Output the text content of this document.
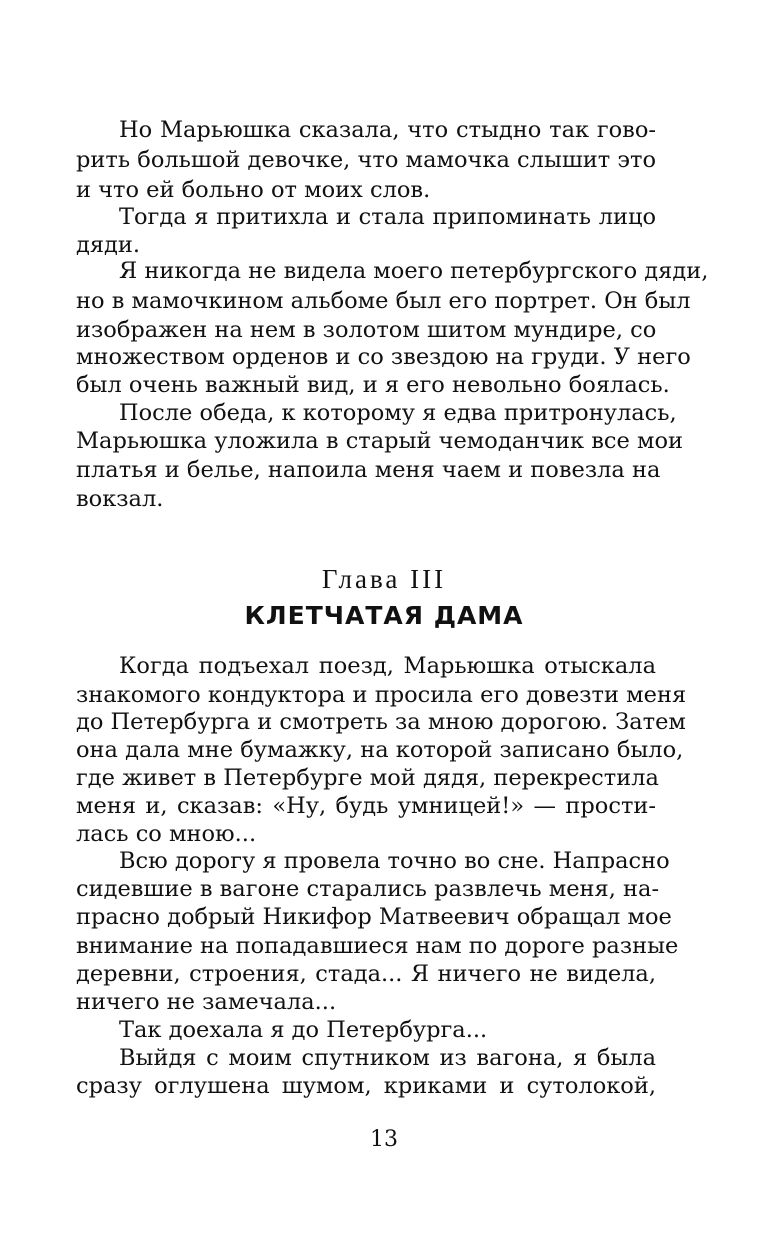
Но Марьюшка сказала, что стыдно так гово-
рить большой девочке, что мамочка слышит это
и что ей больно от моих слов.
Тогда я притихла и стала припоминать лицо
дяди.
Я никогда не видела моего петербургского дяди,
но в мамочкином альбоме был его портрет. Он был
изображен на нем в золотом шитом мундире, со
множеством орденов и со звездою на груди. У него
был очень важный вид, и я его невольно боялась.
После обеда, к которому я едва притронулась,
Марьюшка уложила в старый чемоданчик все мои
платья и белье, напоила меня чаем и повезла на
вокзал.
Глава III
КЛЕТЧАТАЯ ДАМА
Когда подъехал поезд, Марьюшка отыскала
знакомого кондуктора и просила его довезти меня
до Петербурга и смотреть за мною дорогою. Затем
она дала мне бумажку, на которой записано было,
где живет в Петербурге мой дядя, перекрестила
меня и, сказав: «Ну, будь умницей!» — прости-
лась со мною...
Всю дорогу я провела точно во сне. Напрасно
сидевшие в вагоне старались развлечь меня, на-
прасно добрый Никифор Матвеевич обращал мое
внимание на попадавшиеся нам по дороге разные
деревни, строения, стада... Я ничего не видела,
ничего не замечала...
Так доехала я до Петербурга...
Выйдя с моим спутником из вагона, я была
сразу оглушена шумом, криками и сутолокой,
13
